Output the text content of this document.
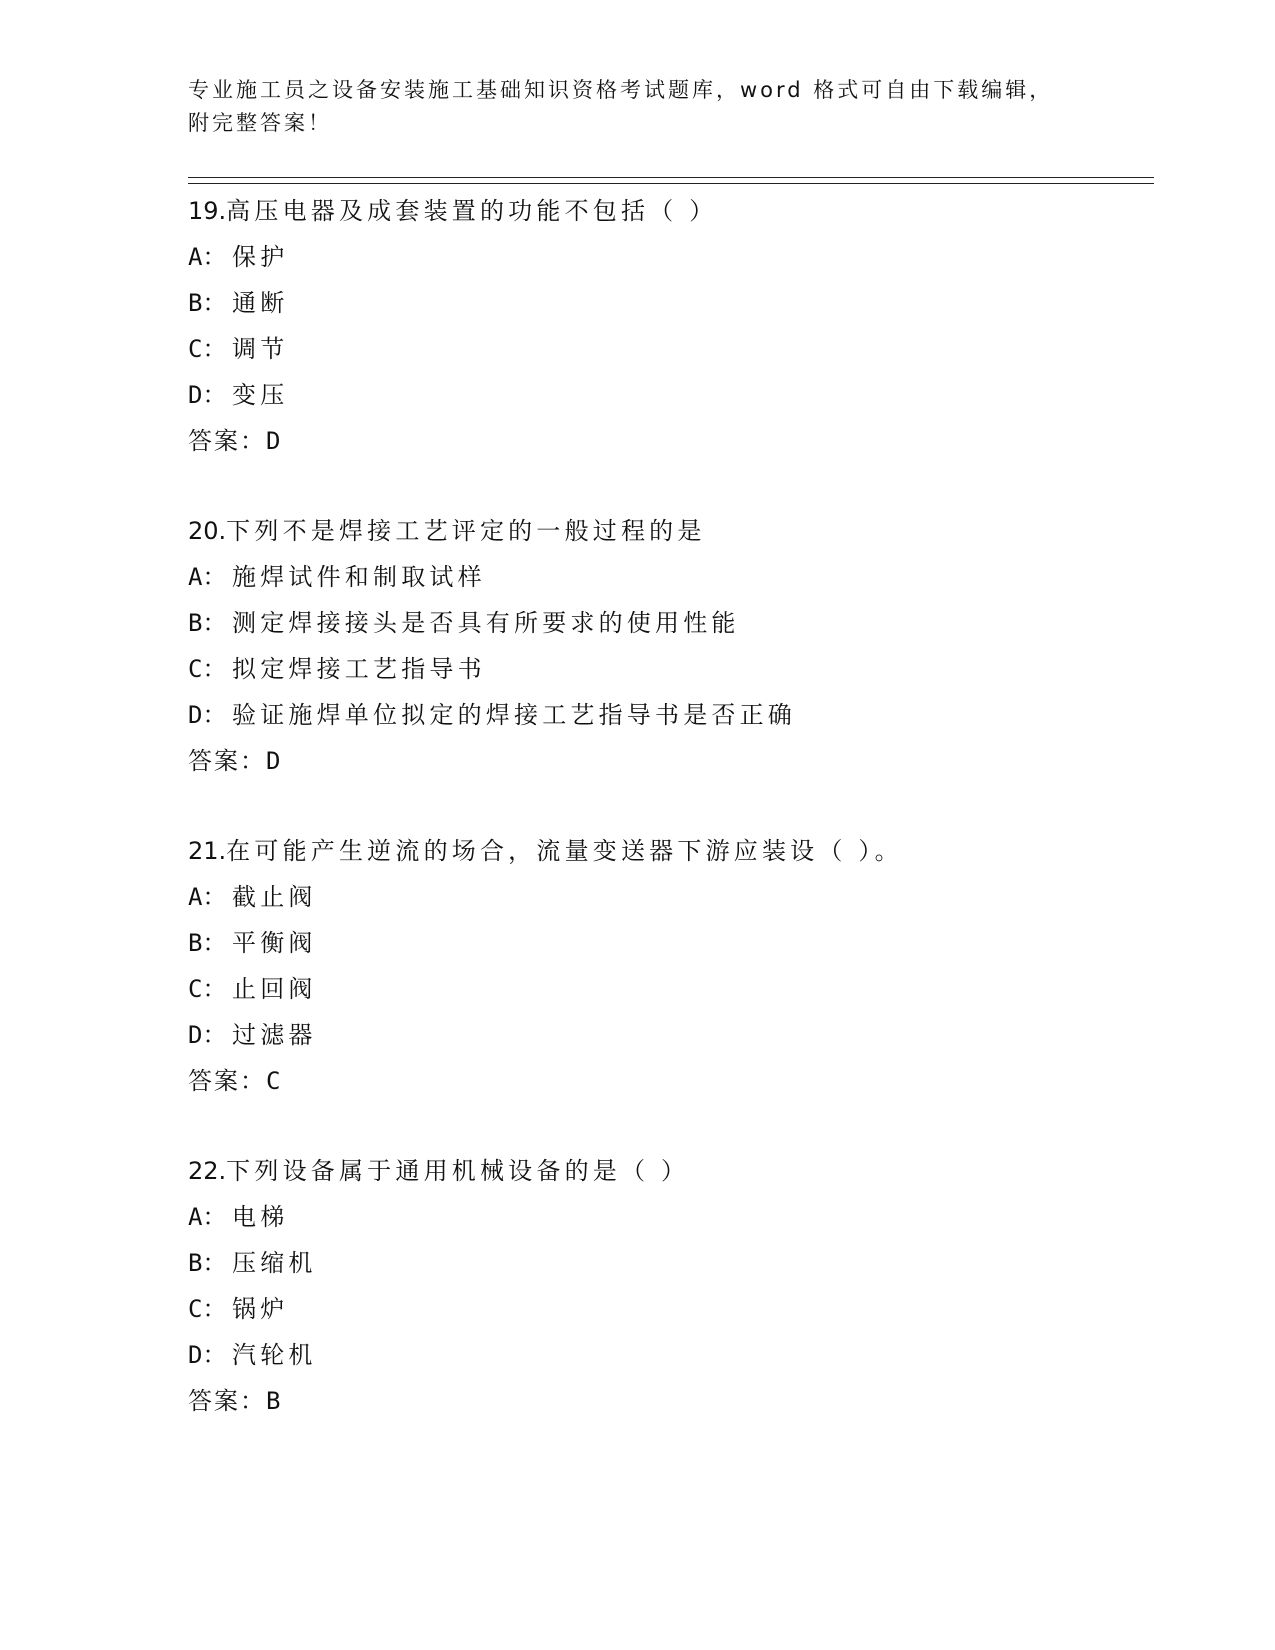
专业施工员之设备安装施工基础知识资格考试题库，word 格式可自由下载编辑，
附完整答案！
19.高压电器及成套装置的功能不包括（ ）
A： 保护
B： 通断
C： 调节
D： 变压
答案：D
20.下列不是焊接工艺评定的一般过程的是
A： 施焊试件和制取试样
B： 测定焊接接头是否具有所要求的使用性能
C： 拟定焊接工艺指导书
D： 验证施焊单位拟定的焊接工艺指导书是否正确
答案：D
21.在可能产生逆流的场合，流量变送器下游应装设（ ）。
A： 截止阀
B： 平衡阀
C： 止回阀
D： 过滤器
答案：C
22.下列设备属于通用机械设备的是（ ）
A： 电梯
B： 压缩机
C： 锅炉
D： 汽轮机
答案：B
